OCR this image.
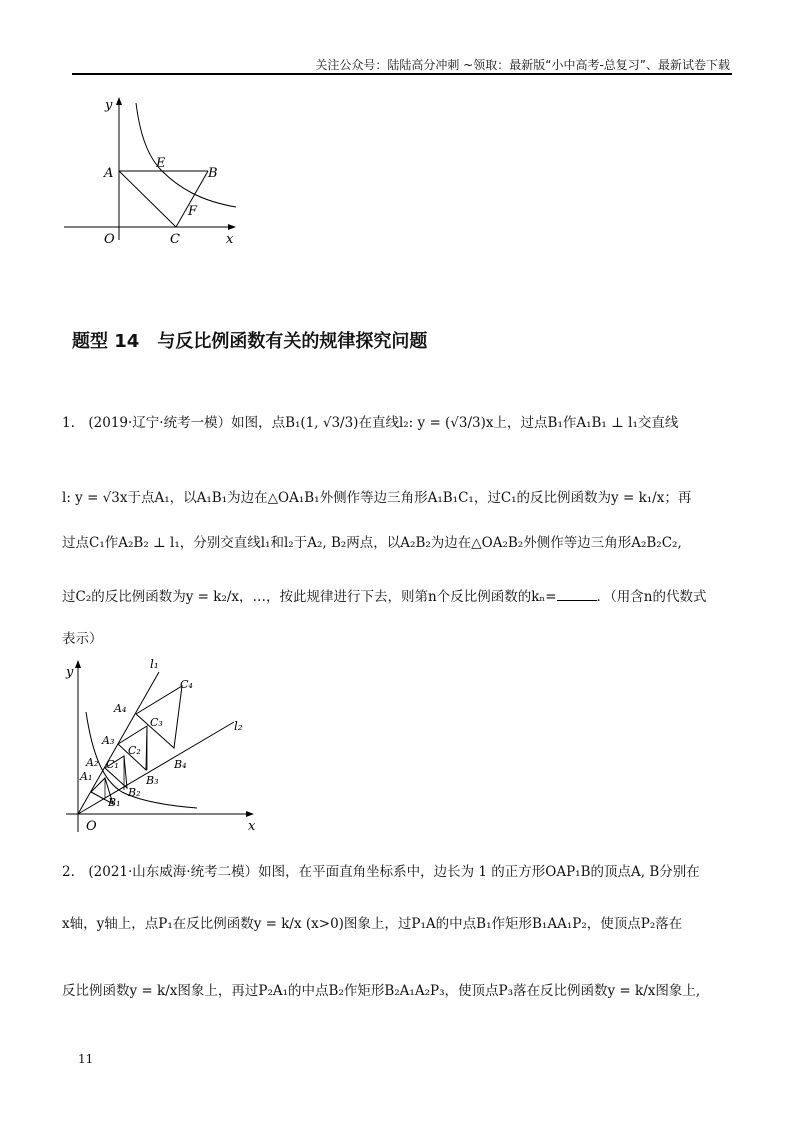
关注公众号：陆陆高分冲刺 ~领取：最新版“小中高考-总复习”、最新试卷下载
y
x
O
A	B
C
E
F
题型 14　与反比例函数有关的规律探究问题
1.　(2019·辽宁·统考一模）如图，点B₁(1, √3/3)在直线l₂: y = (√3/3)x上，过点B₁作A₁B₁ ⊥ l₁交直线
l: y = √3x于点A₁，以A₁B₁为边在△OA₁B₁外侧作等边三角形A₁B₁C₁，过C₁的反比例函数为y = k₁/x；再
过点C₁作A₂B₂ ⊥ l₁，分别交直线l₁和l₂于A₂, B₂两点，以A₂B₂为边在△OA₂B₂外侧作等边三角形A₂B₂C₂,
过C₂的反比例函数为y = k₂/x，…，按此规律进行下去，则第n个反比例函数的kₙ=	．（用含n的代数式
表示）
y
x
O
l₁
l₂
A₁
A₂
A₃
A₄
B₁
B₂
B₃
B₄
C₁
C₂
C₃
C₄
2.　(2021·山东威海·统考二模）如图，在平面直角坐标系中，边长为 1 的正方形OAP₁B的顶点A, B分别在
x轴，y轴上，点P₁在反比例函数y = k/x (x>0)图象上，过P₁A的中点B₁作矩形B₁AA₁P₂，使顶点P₂落在
反比例函数y = k/x图象上，再过P₂A₁的中点B₂作矩形B₂A₁A₂P₃，使顶点P₃落在反比例函数y = k/x图象上,
11
